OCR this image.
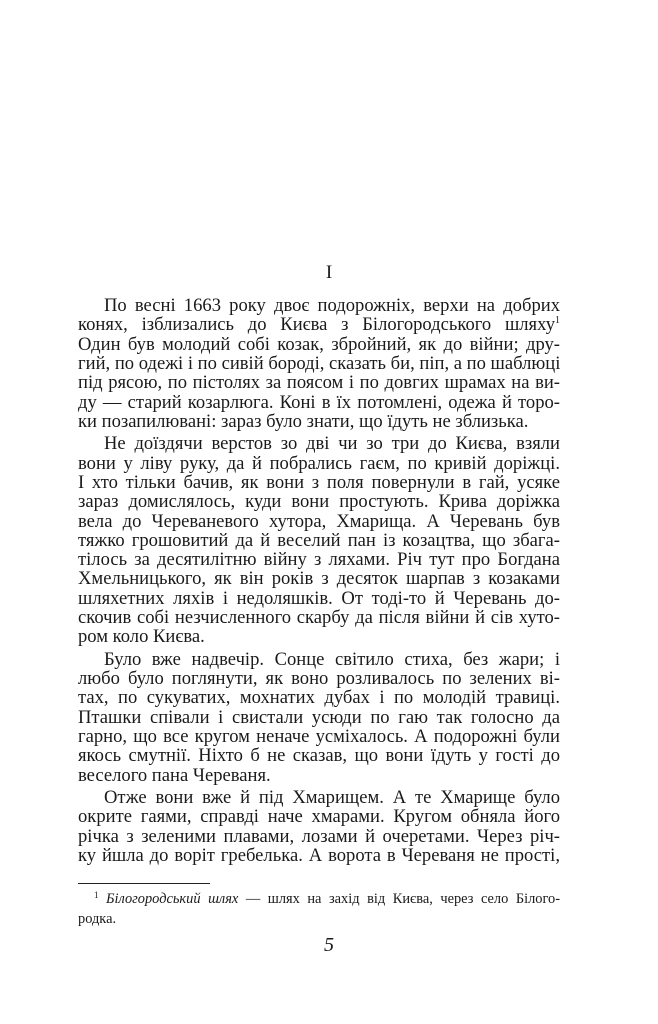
I
По весні 1663 року двоє подорожніх, верхи на добрих
конях, ізблизались до Києва з Білогородського шляху$^1$
Один був молодий собі козак, збройний, як до війни; дру-
гий, по одежі і по сивій бороді, сказать би, піп, а по шаблюці
під рясою, по пістолях за поясом і по довгих шрамах на ви-
ду — старий козарлюга. Коні в їх потомлені, одежа й торо-
ки позапилювані: зараз було знати, що їдуть не зблизька.
Не доїздячи верстов зо дві чи зо три до Києва, взяли
вони у ліву руку, да й побрались гаєм, по кривій доріжці.
І хто тільки бачив, як вони з поля повернули в гай, усяке
зараз домислялось, куди вони простують. Крива доріжка
вела до Череваневого хутора, Хмарища. А Черевань був
тяжко грошовитий да й веселий пан із козацтва, що збага-
тілось за десятилітню війну з ляхами. Річ тут про Богдана
Хмельницького, як він років з десяток шарпав з козаками
шляхетних ляхів і недоляшків. От тоді-то й Черевань до-
скочив собі незчисленного скарбу да після війни й сів хуто-
ром коло Києва.
Було вже надвечір. Сонце світило стиха, без жари; і
любо було поглянути, як воно розливалось по зелених ві-
тах, по сукуватих, мохнатих дубах і по молодій травиці.
Пташки співали і свистали усюди по гаю так голосно да
гарно, що все кругом неначе усміхалось. А подорожні були
якось смутнії. Ніхто б не сказав, що вони їдуть у гості до
веселого пана Череваня.
Отже вони вже й під Хмарищем. А те Хмарище було
окрите гаями, справді наче хмарами. Кругом обняла його
річка з зеленими плавами, лозами й очеретами. Через річ-
ку йшла до воріт гребелька. А ворота в Череваня не прості,
$^1$ Білогородський шлях — шлях на захід від Києва, через село Білого-
родка.
5
